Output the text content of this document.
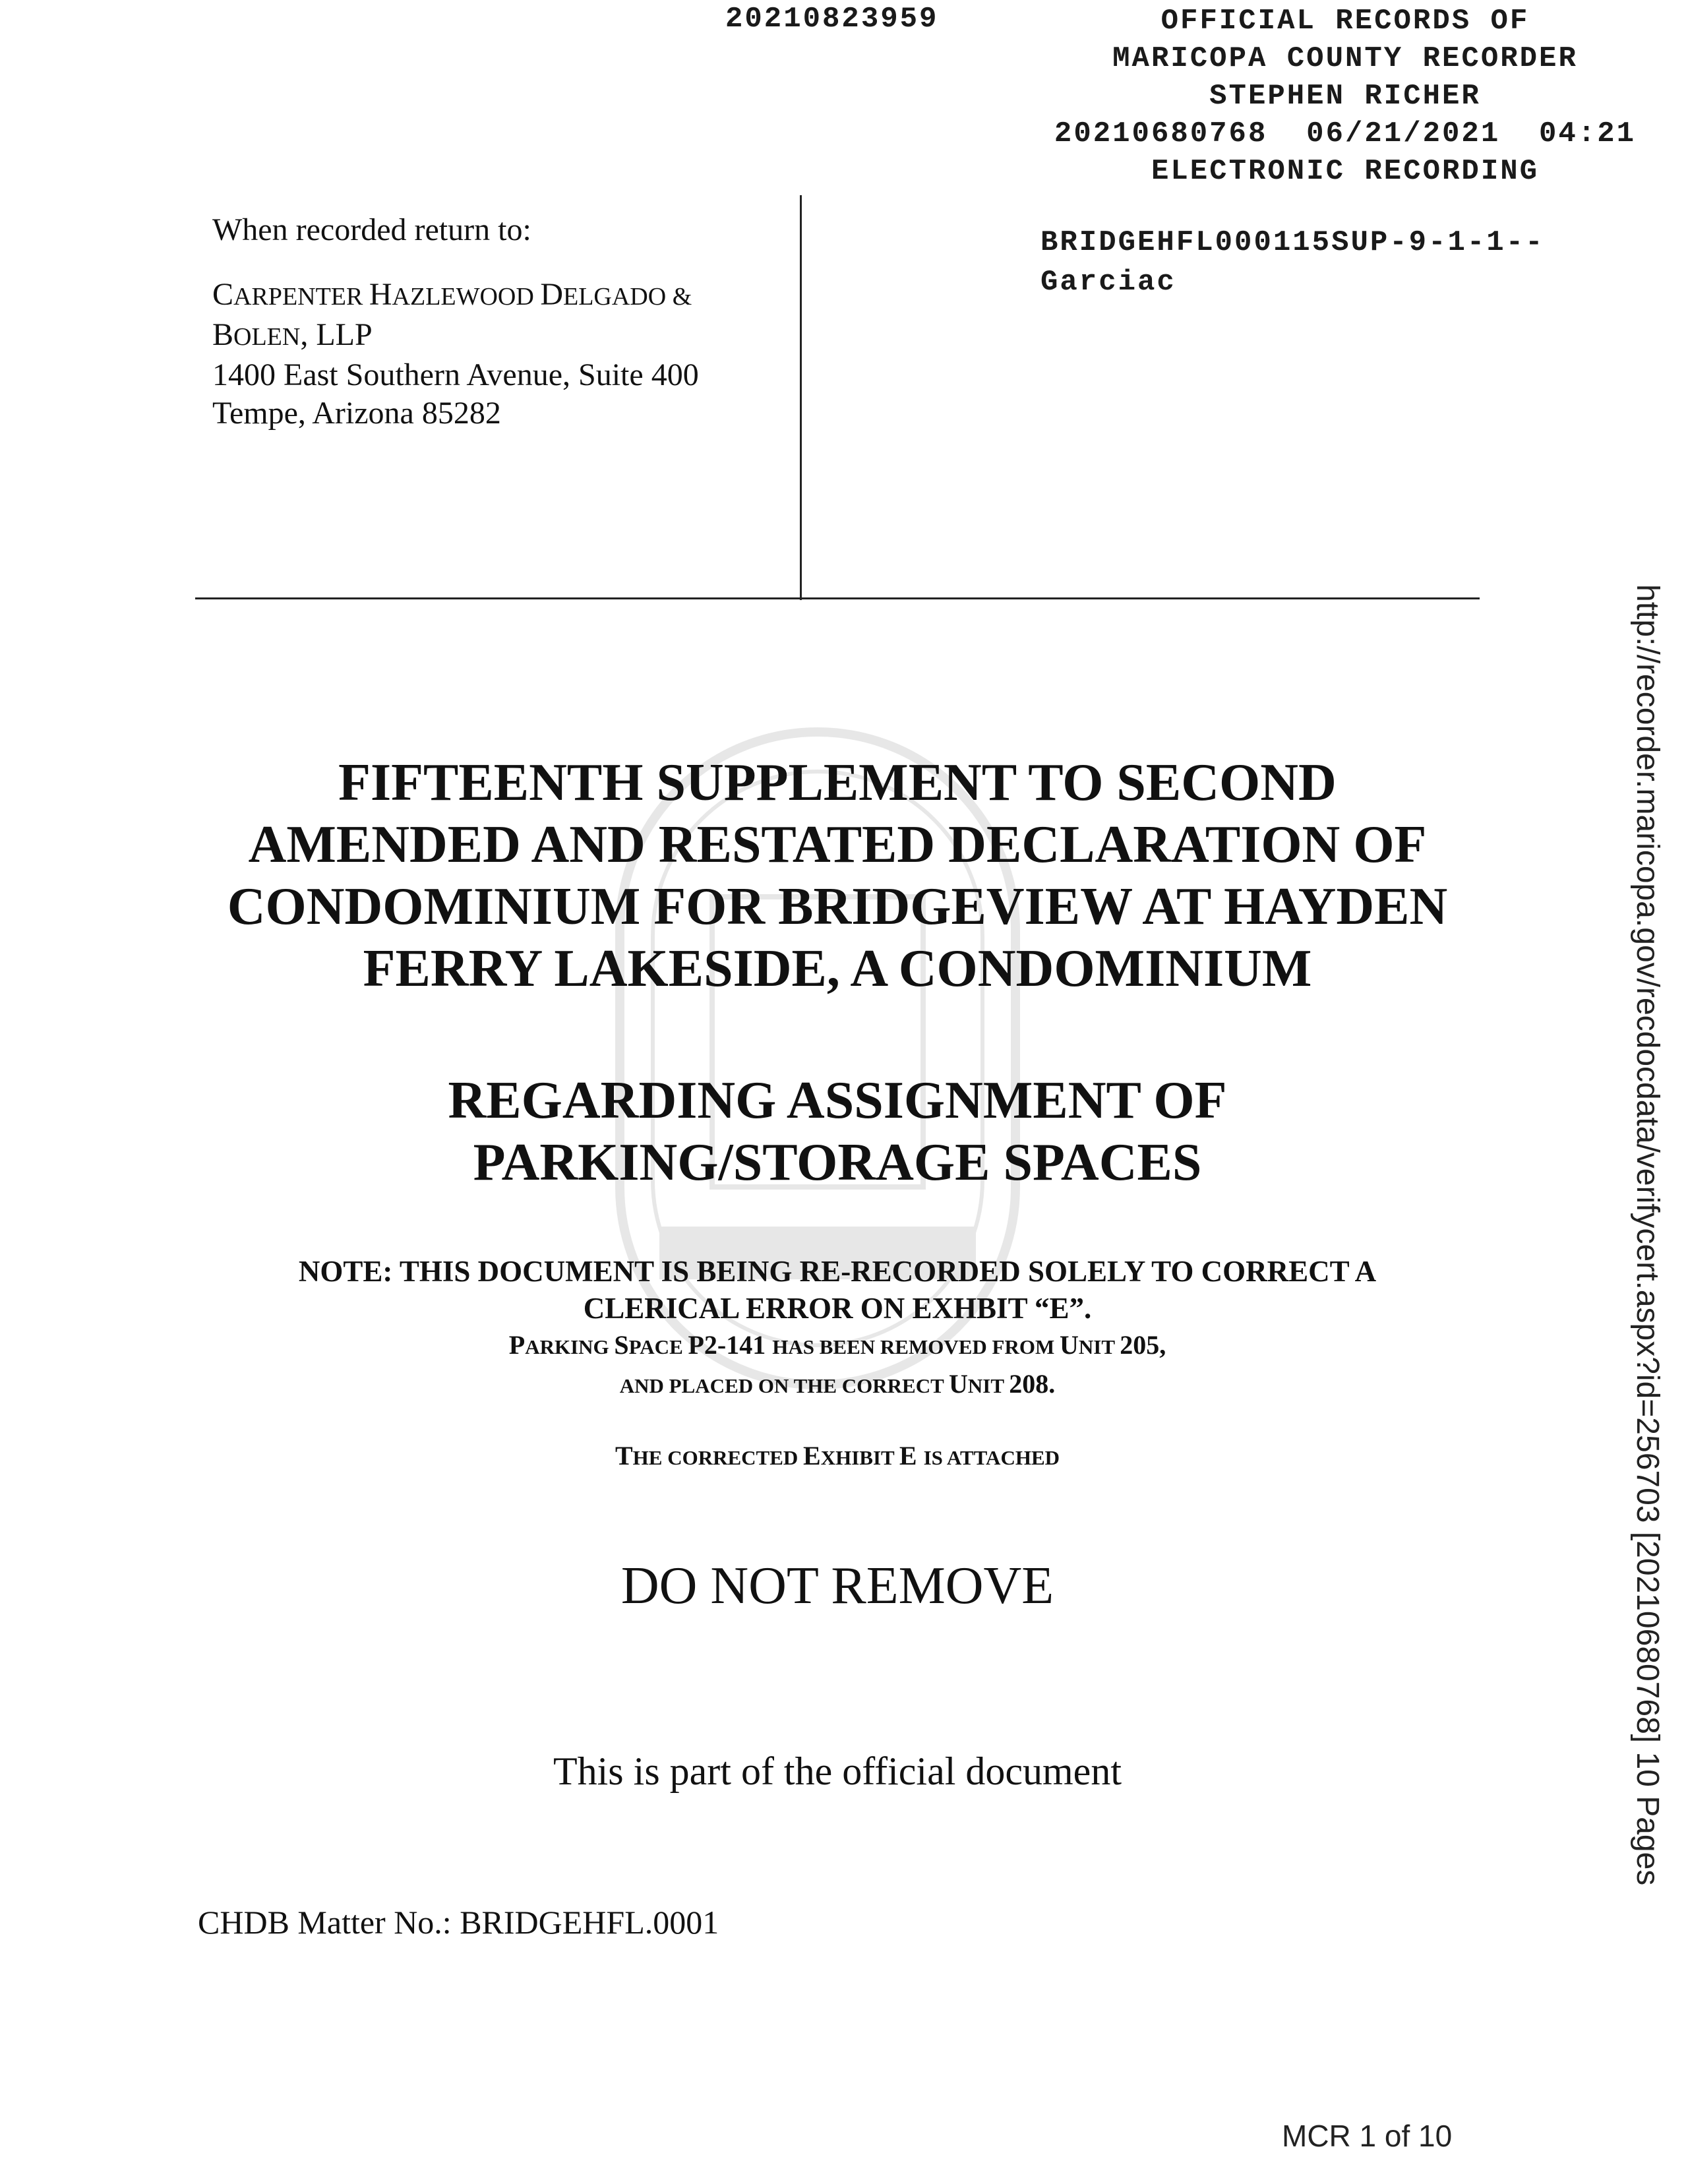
20210823959	OFFICIAL RECORDS OF
MARICOPA COUNTY RECORDER
STEPHEN RICHER
20210680768  06/21/2021  04:21
ELECTRONIC RECORDING
When recorded return to:
CARPENTER HAZLEWOOD DELGADO &
BOLEN, LLP
1400 East Southern Avenue, Suite 400
Tempe, Arizona 85282
BRIDGEHFL000115SUP-9-1-1--
Garciac
FIFTEENTH SUPPLEMENT TO SECOND
AMENDED AND RESTATED DECLARATION OF
CONDOMINIUM FOR BRIDGEVIEW AT HAYDEN
FERRY LAKESIDE, A CONDOMINIUM
REGARDING ASSIGNMENT OF
PARKING/STORAGE SPACES
NOTE: THIS DOCUMENT IS BEING RE-RECORDED SOLELY TO CORRECT A
CLERICAL ERROR ON EXHBIT “E”.
PARKING SPACE P2-141 HAS BEEN REMOVED FROM UNIT 205,
AND PLACED ON THE CORRECT UNIT 208.
THE CORRECTED EXHIBIT E IS ATTACHED
DO NOT REMOVE
This is part of the official document
CHDB Matter No.: BRIDGEHFL.0001
MCR 1 of 10
http://recorder.maricopa.gov/recdocdata/verifycert.aspx?id=256703 [20210680768] 10 Pages
